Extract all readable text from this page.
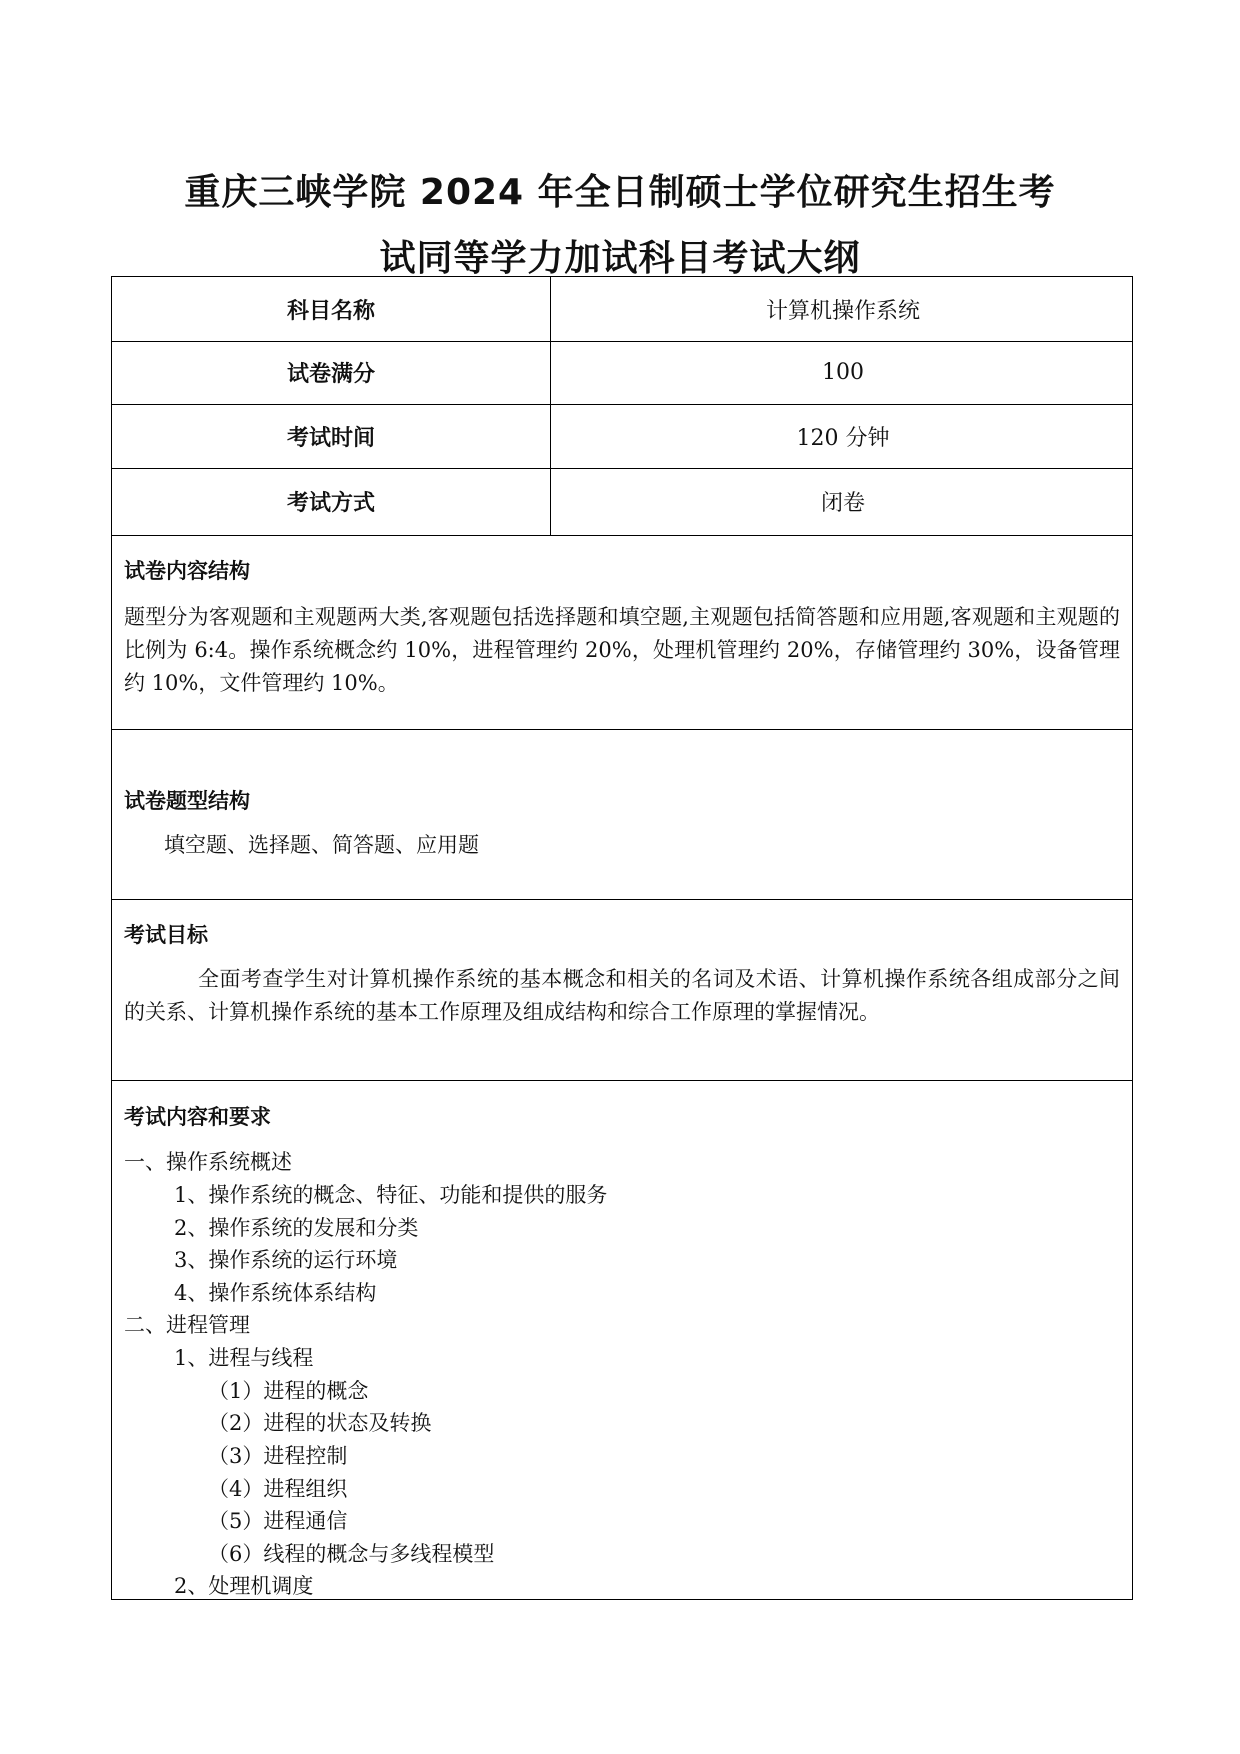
重庆三峡学院 2024 年全日制硕士学位研究生招生考
试同等学力加试科目考试大纲
科目名称	计算机操作系统
试卷满分	100
考试时间	120 分钟
考试方式	闭卷
试卷内容结构
题型分为客观题和主观题两大类,客观题包括选择题和填空题,主观题包括简答题和应用题,客观题和主观题的比例为 6:4。操作系统概念约 10%，进程管理约 20%，处理机管理约 20%，存储管理约 30%，设备管理约 10%，文件管理约 10%。
试卷题型结构
填空题、选择题、简答题、应用题
考试目标
全面考查学生对计算机操作系统的基本概念和相关的名词及术语、计算机操作系统各组成部分之间的关系、计算机操作系统的基本工作原理及组成结构和综合工作原理的掌握情况。
考试内容和要求
一、操作系统概述
1、操作系统的概念、特征、功能和提供的服务
2、操作系统的发展和分类
3、操作系统的运行环境
4、操作系统体系结构
二、进程管理
1、进程与线程
（1）进程的概念
（2）进程的状态及转换
（3）进程控制
（4）进程组织
（5）进程通信
（6）线程的概念与多线程模型
2、处理机调度
